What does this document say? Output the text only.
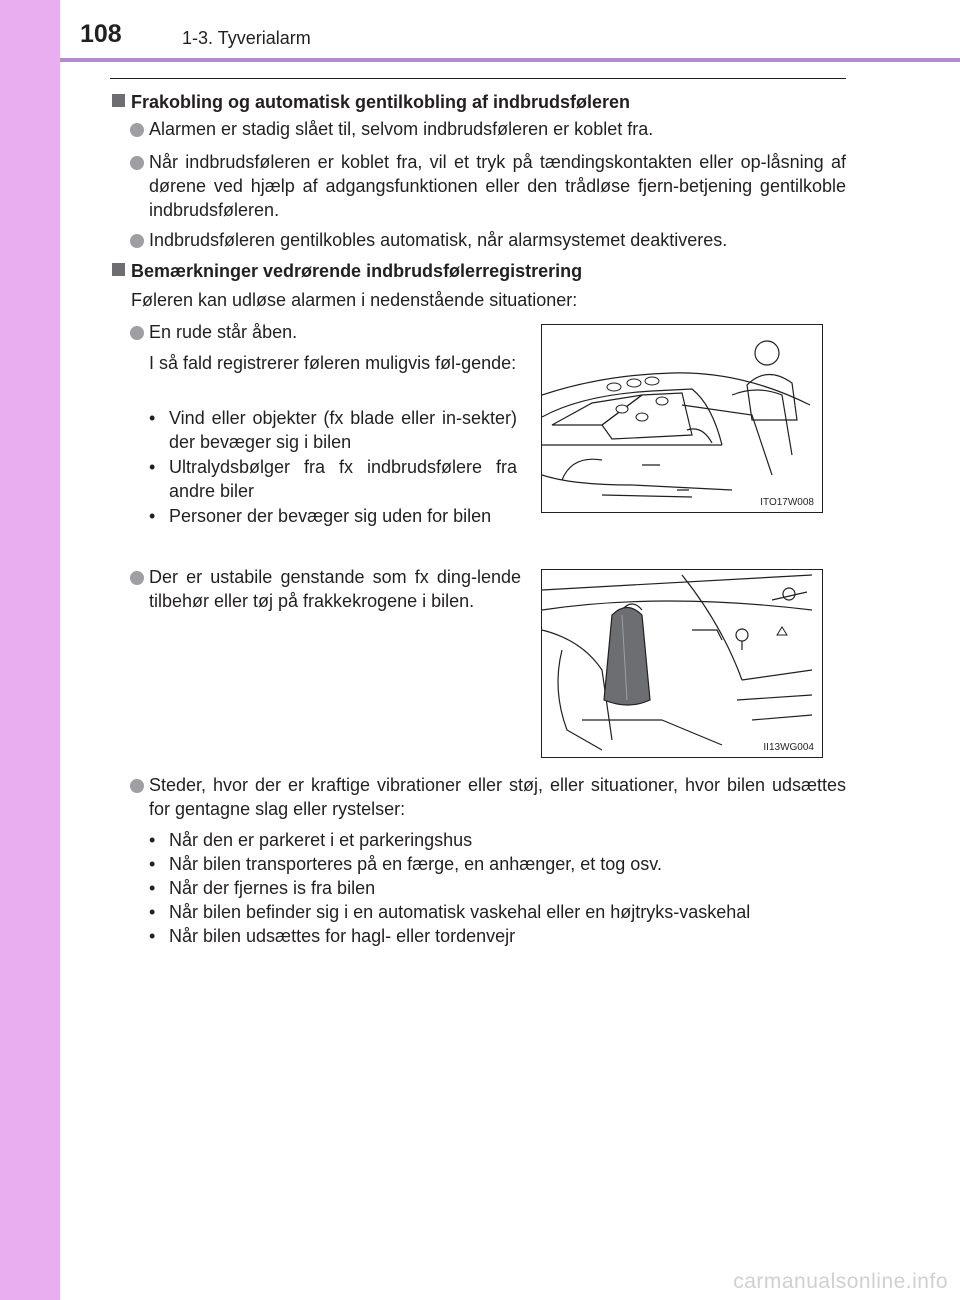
108	1-3. Tyverialarm
Frakobling og automatisk gentilkobling af indbrudsføleren
Alarmen er stadig slået til, selvom indbrudsføleren er koblet fra.
Når indbrudsføleren er koblet fra, vil et tryk på tændingskontakten eller op-låsning af dørene ved hjælp af adgangsfunktionen eller den trådløse fjern-betjening gentilkoble indbrudsføleren.
Indbrudsføleren gentilkobles automatisk, når alarmsystemet deaktiveres.
Bemærkninger vedrørende indbrudsfølerregistrering
Føleren kan udløse alarmen i nedenstående situationer:
En rude står åben.
I så fald registrerer føleren muligvis føl-gende:
• Vind eller objekter (fx blade eller in-sekter) der bevæger sig i bilen
• Ultralydsbølger fra fx indbrudsfølere fra andre biler
• Personer der bevæger sig uden for bilen
ITO17W008
Der er ustabile genstande som fx ding-lende tilbehør eller tøj på frakkekrogene i bilen.
II13WG004
Steder, hvor der er kraftige vibrationer eller støj, eller situationer, hvor bilen udsættes for gentagne slag eller rystelser:
• Når den er parkeret i et parkeringshus
• Når bilen transporteres på en færge, en anhænger, et tog osv.
• Når der fjernes is fra bilen
• Når bilen befinder sig i en automatisk vaskehal eller en højtryks-vaskehal
• Når bilen udsættes for hagl- eller tordenvejr
carmanualsonline.info
